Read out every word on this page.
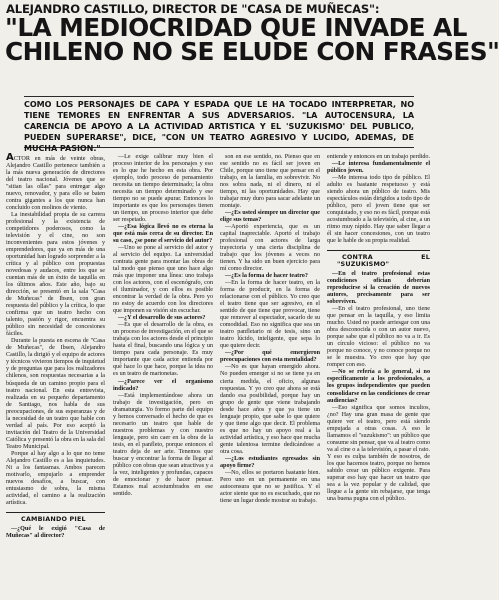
ALEJANDRO CASTILLO, DIRECTOR DE "CASA DE MUÑECAS":
"LA MEDIOCRIDAD QUE INVADE AL
CHILENO NO SE ELUDE CON FRASES"
COMO LOS PERSONAJES DE CAPA Y ESPADA QUE LE HA TOCADO INTERPRETAR, NO TIENE TEMORES EN ENFRENTAR A SUS ADVERSARIOS. "LA AUTOCENSURA, LA CARENCIA DE APOYO A LA ACTIVIDAD ARTISTICA Y EL 'SUZUKISMO' DEL PUBLICO, PUEDEN SUPERARSE", DICE, "CON UN TEATRO AGRESIVO Y LUCIDO, ADEMAS, DE MUCHA PASION."

ACTOR en más de veinte obras, Alejandro Castillo pertenece también a la más nueva generación de directores del teatro nacional. Jóvenes que se "sitian las ollas" para entregar algo nuevo, renovador, y para ello se baten contra gigantes a los que nunca han concluido con molinos de viento.

La inestabilidad propia de su carrera profesional y la existencia de competidores poderosos, como la televisión y el cine, no son inconvenientes para estos jóvenes y emprendedores, que ya en más de una oportunidad han logrado sorprender a la crítica y al público con propuestas novedosas y audaces, entre los que se cuentan más de un éxito de taquilla en los últimos años. Este año, bajo su dirección, se presentó en la sala "Casa de Muñecas" de Ibsen, con gran respuesta del público y la crítica, lo que confirma que un teatro hecho con talento, pasión y rigor, encuentra su público sin necesidad de concesiones fáciles.

Durante la puesta en escena de "Casa de Muñecas", de Ibsen, Alejandro Castillo, la dirigió y el equipo de actores y técnicos vivieron tiempos de inquietud y de preguntas que para los realizadores chilenos, son respuestas necesarias a la búsqueda de un camino propio para el teatro nacional. En esta entrevista, realizada en su pequeño departamento de Santiago, nos habla de sus preocupaciones, de sus esperanzas y de la necesidad de un teatro que hable con verdad al país. Por eso aceptó la invitación del Teatro de la Universidad Católica y presentó la obra en la sala del Teatro Municipal.

Porque al hay algo a lo que no teme Alejandro Castillo es a las inquietudes. Ni a los fantasmas. Ambos parecen motivarlo, empujarlo a emprender nuevos desafíos, a buscar, con entusiasmo de sobra, la misma actividad, el camino a la realización artística.

CAMBIANDO PIEL

—¿Qué le exigió "Casa de Muñecas" al director?

—Le exige calibrar muy bien el proceso interior de los personajes y eso es lo que he hecho en esta obra. Por ejemplo, todo proceso de pensamiento necesita un tiempo determinado; la obra necesita un tiempo determinado y ese tiempo no se puede apurar. Entonces lo importante es que los personajes tienen un tiempo, un proceso interior que debe ser respetado.

—¿Esa lógica llevó no es eterna la que está más cerca de su director. En su caso, ¿se pone el servicio del autor?

—Uno se pone al servicio del autor y al servicio del equipo. La universidad contrata gente para montar las obras de tal modo que pienso que uno hace algo más que imponer una línea: uno trabaja con los actores, con el escenógrafo, con el iluminador, y con ellos es posible encontrar la verdad de la obra. Pero yo no estoy de acuerdo con los directores que imponen su visión sin escuchar.

—¿Y el desarrollo de sus actores?

—Es que el desarrollo de la obra, es un proceso de investigación, en el que se trabaja con los actores desde el principio hasta el final, buscando una lógica y un tiempo para cada personaje. Es muy importante que cada actor entienda por qué hace lo que hace, porque la idea no es un teatro de marionetas.

—¿Parece ver el organismo indicado?

—Está implementándose ahora un trabajo de investigación, pero en dramaturgia. Yo formo parte del equipo y hemos conversado el hecho de que es necesario un teatro que hable de nuestros problemas y con nuestro lenguaje, pero sin caer en la obra de la tesis, en el panfleto, porque entonces el teatro deja de ser arte. Tenemos que buscar y encontrar la forma de llegar al público con obras que sean atractivas y a la vez, inteligentes y profundas, capaces de emocionar y de hacer pensar. Estamos mal acostumbrados en ese sentido.

son en ese sentido, no. Pienso que en ese sentido no es fácil ser joven en Chile, porque uno tiene que pensar en el trabajo, en la familia, en sobrevivir. No nos sobra nada, ni el dinero, ni el tiempo, ni las oportunidades. Hay que trabajar muy duro para sacar adelante un montaje.

—¿Es usted siempre un director que elige sus temas?

—Aportó experiencia, que es un capital inapreciable. Aportó el trabajo profesional con actores de larga trayectoria y una cierta disciplina de trabajo que los jóvenes a veces no tienen. Y ha sido un buen ejercicio para mí como director.

—¿Es la forma de hacer teatro?

—En la forma de hacer teatro, en la forma de producir, en la forma de relacionarse con el público. Yo creo que el teatro tiene que ser agresivo, en el sentido de que tiene que provocar, tiene que remover al espectador, sacarlo de su comodidad. Eso no significa que sea un teatro panfletario ni de tesis, sino un teatro lúcido, inteligente, que sepa lo que quiere decir.

—¿Por qué emergieron preocupaciones con esta mentalidad?

—No es que hayan emergido ahora. No pueden emerger si no se tiene ya en cierta medida, el oficio, algunas respuestas. Y yo creo que ahora se está dando esa posibilidad, porque hay un grupo de gente que viene trabajando desde hace años y que ya tiene un lenguaje propio, que sabe lo que quiere y que tiene algo que decir. El problema es que no hay un apoyo real a la actividad artística, y eso hace que mucha gente talentosa termine dedicándose a otra cosa.

—¿Los estudiantes egresados sin apoyo firme?

—No, ellos se portaron bastante bien. Pero uno en un permanente en una autocensura que no se justifica. Y el actor siente que no es escuchado, que no tiene un lugar donde mostrar su trabajo.

entiende y entonces en un trabajo perdido.

—Le interesa fundamentalmente el público joven.

—Me interesa todo tipo de público. El adulto es bastante respetuoso y está siendo ahora un público de teatro. Mis espectáculos están dirigidos a todo tipo de público, pero el joven tiene que ser conquistado, y eso no es fácil, porque está acostumbrado a la televisión, al cine, a un ritmo muy rápido. Hay que saber llegar a él sin hacer concesiones, con un teatro que le hable de su propia realidad.

CONTRA EL "SUZUKISMO"

—En el teatro profesional estas condiciones ofician deberían reproducirse si la creación de nuevos autores, precisamente para ser sobreviven.

—En el teatro profesional, uno tiene que pensar en la taquilla, y eso limita mucho. Usted no puede arriesgar con una obra desconocida o con un autor nuevo, porque sabe que el público no va a ir. Es un círculo vicioso: el público no va porque no conoce, y no conoce porque no se le muestra. Yo creo que hay que romper con eso.

—No se refería a lo general, si no específicamente a los profesionales, a los grupos independientes que pueden consolidarse en las condiciones de crear audiencias?

—Eso significa que somos incultos, ¿no? Hay una gran masa de gente que quiere ver el teatro, pero está siendo empujada a otras cosas. A eso le llamamos el "suzukismo": un público que consume sin pensar, que va al teatro como va al cine o a la televisión, a pasar el rato. Y eso es culpa también de nosotros, de los que hacemos teatro, porque no hemos sabido crear un público exigente. Para superar eso hay que hacer un teatro que sea a la vez popular y de calidad, que llegue a la gente sin rebajarse, que tenga una buena pugna con el público.
